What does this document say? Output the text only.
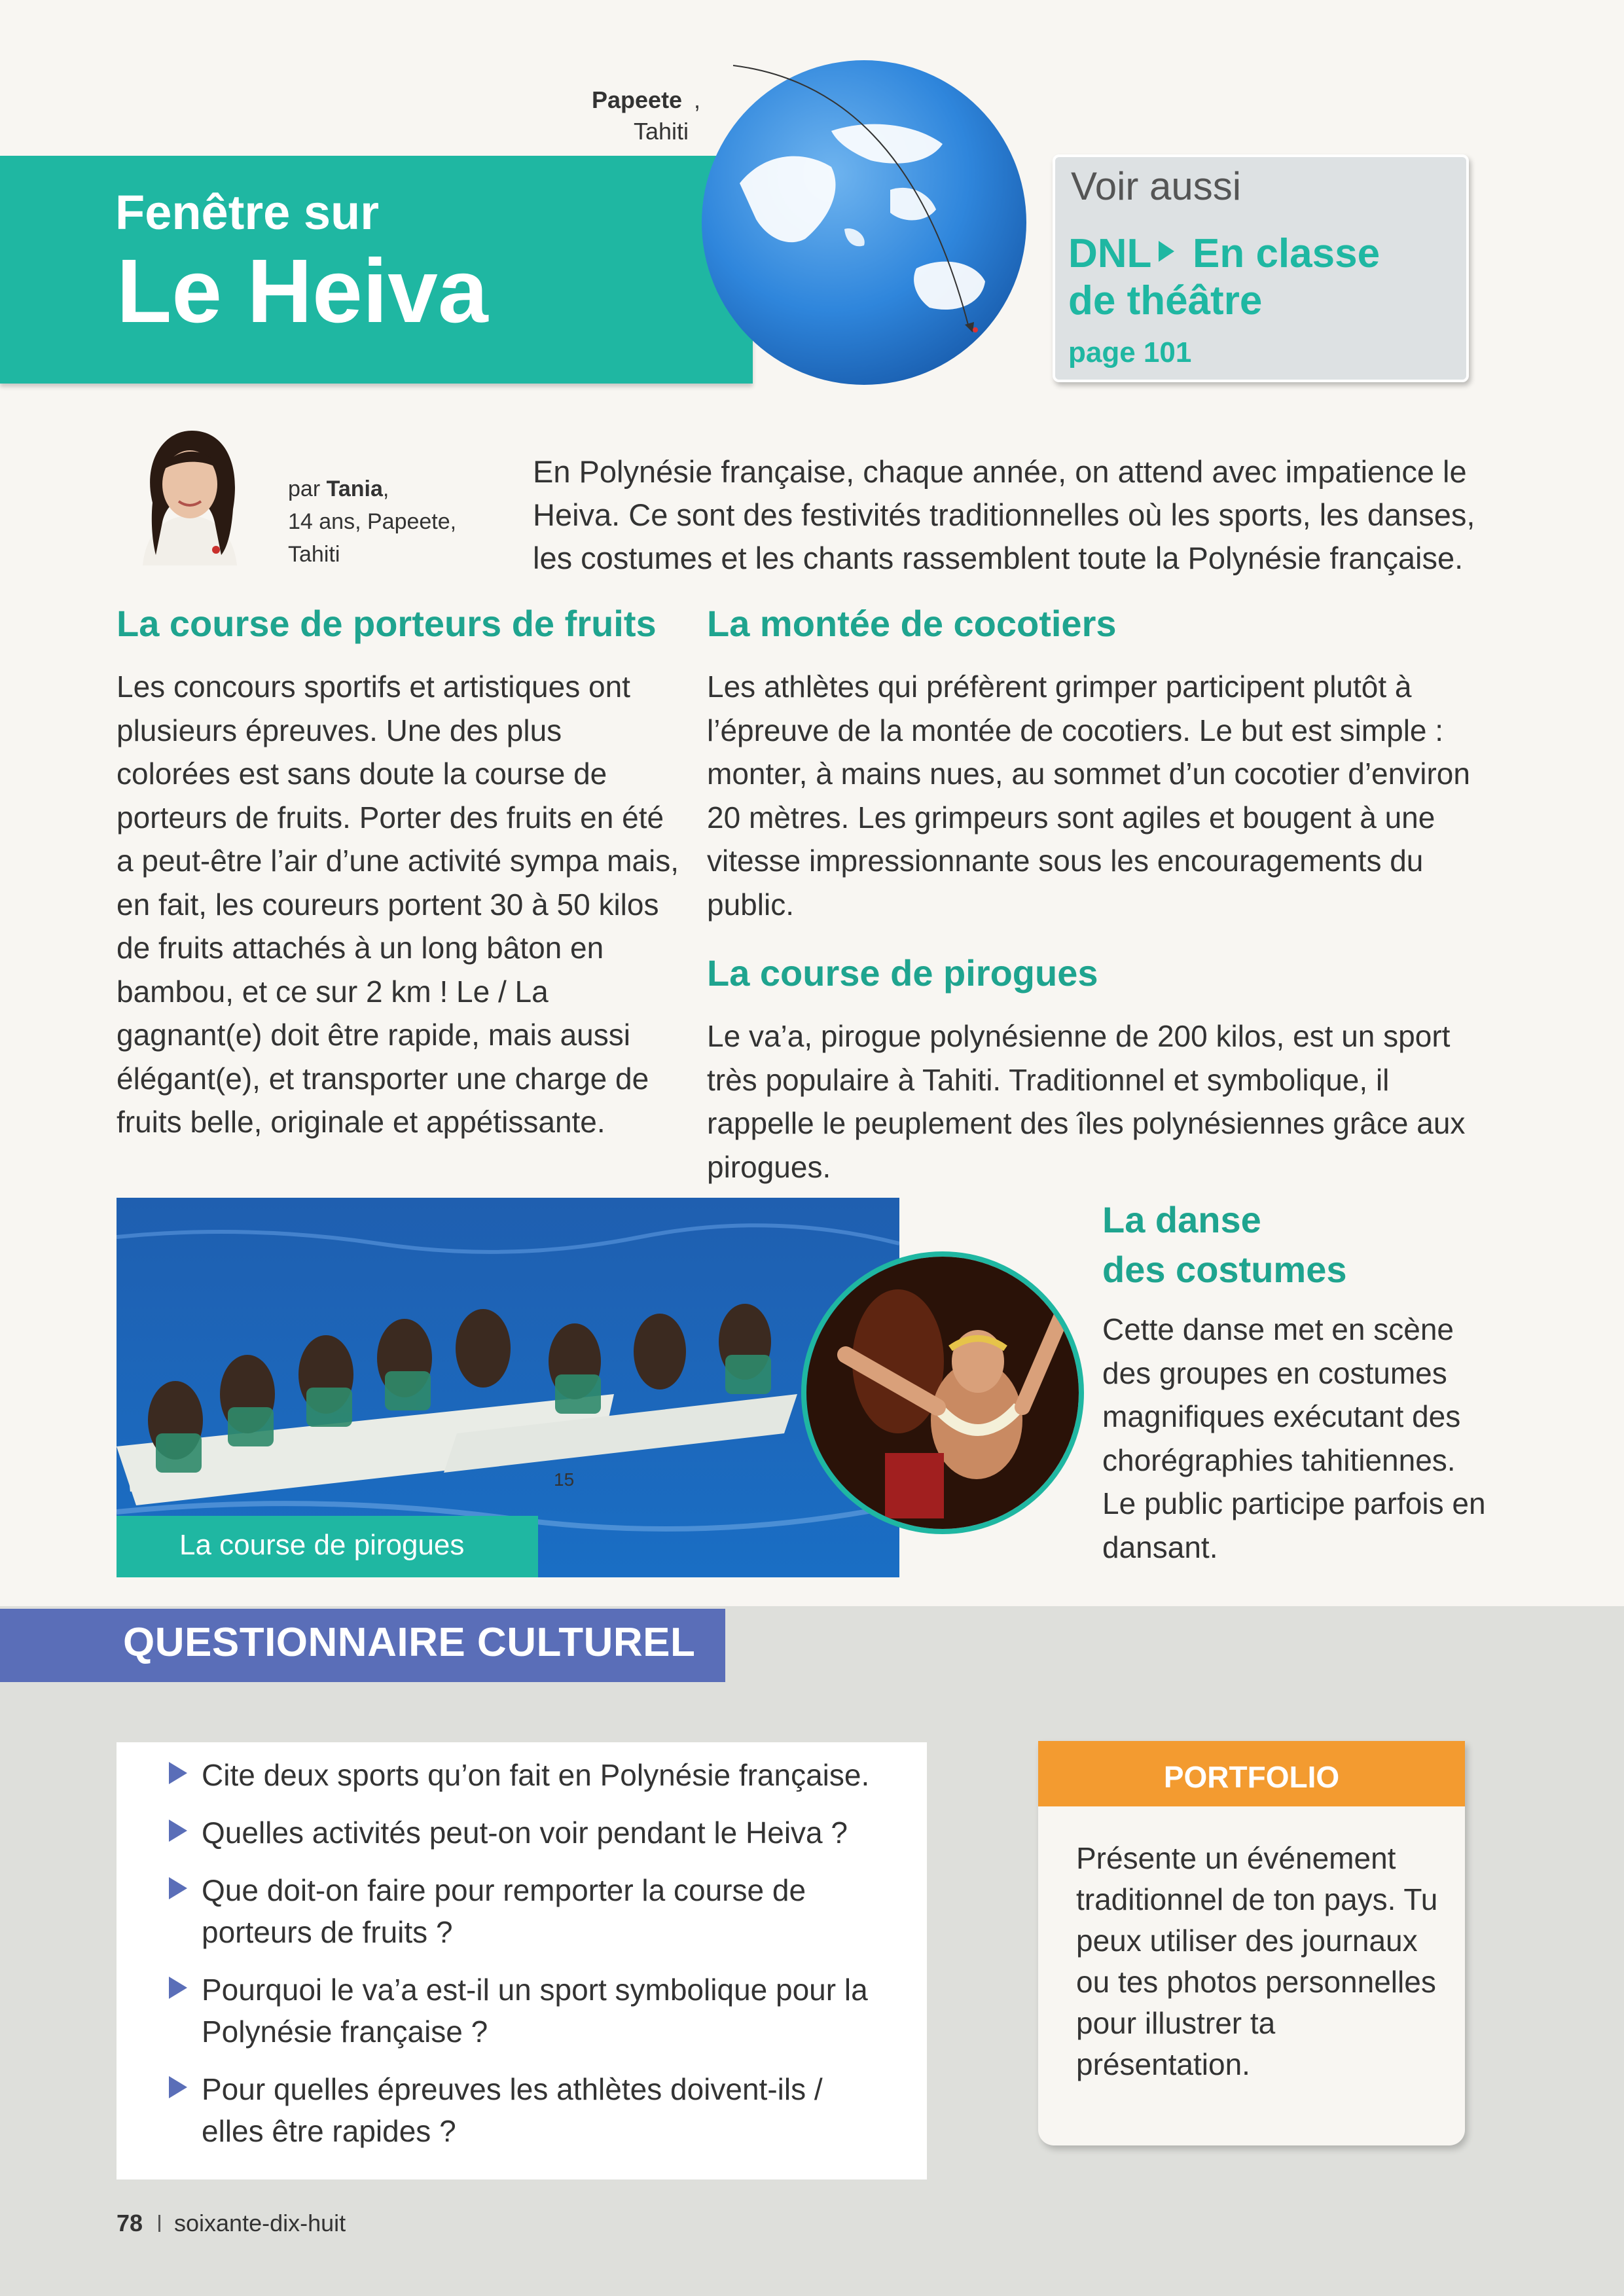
Papeete ,
Tahiti
Fenêtre sur
Le Heiva
Voir aussi
DNL En classe
de théâtre
page 101
par Tania,
14 ans, Papeete,
Tahiti
En Polynésie française, chaque année, on attend avec impatience le Heiva. Ce sont des festivités traditionnelles où les sports, les danses, les costumes et les chants rassemblent toute la Polynésie française.
La course de porteurs de fruits
Les concours sportifs et artistiques ont plusieurs épreuves. Une des plus colorées est sans doute la course de porteurs de fruits. Porter des fruits en été a peut-être l’air d’une activité sympa mais, en fait, les coureurs portent 30 à 50 kilos de fruits attachés à un long bâton en bambou, et ce sur 2 km ! Le / La gagnant(e) doit être rapide, mais aussi élégant(e), et transporter une charge de fruits belle, originale et appétissante.
La montée de cocotiers
Les athlètes qui préfèrent grimper participent plutôt à l’épreuve de la montée de cocotiers. Le but est simple : monter, à mains nues, au sommet d’un cocotier d’environ 20 mètres. Les grimpeurs sont agiles et bougent à une vitesse impressionnante sous les encouragements du public.
La course de pirogues
Le va’a, pirogue polynésienne de 200 kilos, est un sport très populaire à Tahiti. Traditionnel et symbolique, il rappelle le peuplement des îles polynésiennes grâce aux pirogues.
La danse
des costumes
Cette danse met en scène des groupes en costumes magnifiques exécutant des chorégraphies tahitiennes. Le public participe parfois en dansant.
15
La course de pirogues
QUESTIONNAIRE CULTUREL
Cite deux sports qu’on fait en Polynésie française.
Quelles activités peut-on voir pendant le Heiva ?
Que doit-on faire pour remporter la course de porteurs de fruits ?
Pourquoi le va’a est-il un sport symbolique pour la Polynésie française ?
Pour quelles épreuves les athlètes doivent-ils / elles être rapides ?
PORTFOLIO
Présente un événement traditionnel de ton pays. Tu peux utiliser des journaux ou tes photos personnelles pour illustrer ta présentation.
78 soixante-dix-huit
